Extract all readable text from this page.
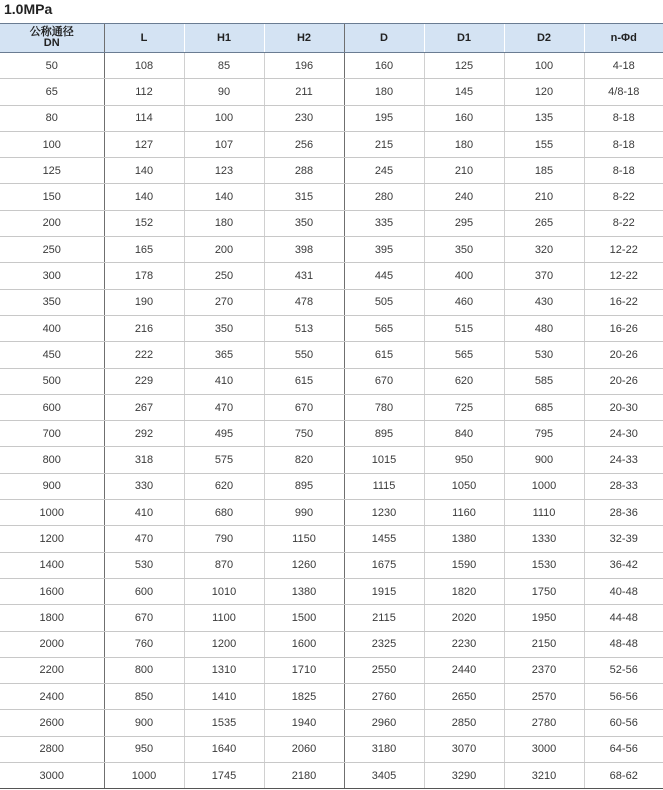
1.0MPa
公称通径
DN	L	H1	H2	D	D1	D2	n-Φd
50	108	85	196	160	125	100	4-18
65	112	90	211	180	145	120	4/8-18
80	114	100	230	195	160	135	8-18
100	127	107	256	215	180	155	8-18
125	140	123	288	245	210	185	8-18
150	140	140	315	280	240	210	8-22
200	152	180	350	335	295	265	8-22
250	165	200	398	395	350	320	12-22
300	178	250	431	445	400	370	12-22
350	190	270	478	505	460	430	16-22
400	216	350	513	565	515	480	16-26
450	222	365	550	615	565	530	20-26
500	229	410	615	670	620	585	20-26
600	267	470	670	780	725	685	20-30
700	292	495	750	895	840	795	24-30
800	318	575	820	1015	950	900	24-33
900	330	620	895	1115	1050	1000	28-33
1000	410	680	990	1230	1160	1110	28-36
1200	470	790	1150	1455	1380	1330	32-39
1400	530	870	1260	1675	1590	1530	36-42
1600	600	1010	1380	1915	1820	1750	40-48
1800	670	1100	1500	2115	2020	1950	44-48
2000	760	1200	1600	2325	2230	2150	48-48
2200	800	1310	1710	2550	2440	2370	52-56
2400	850	1410	1825	2760	2650	2570	56-56
2600	900	1535	1940	2960	2850	2780	60-56
2800	950	1640	2060	3180	3070	3000	64-56
3000	1000	1745	2180	3405	3290	3210	68-62
